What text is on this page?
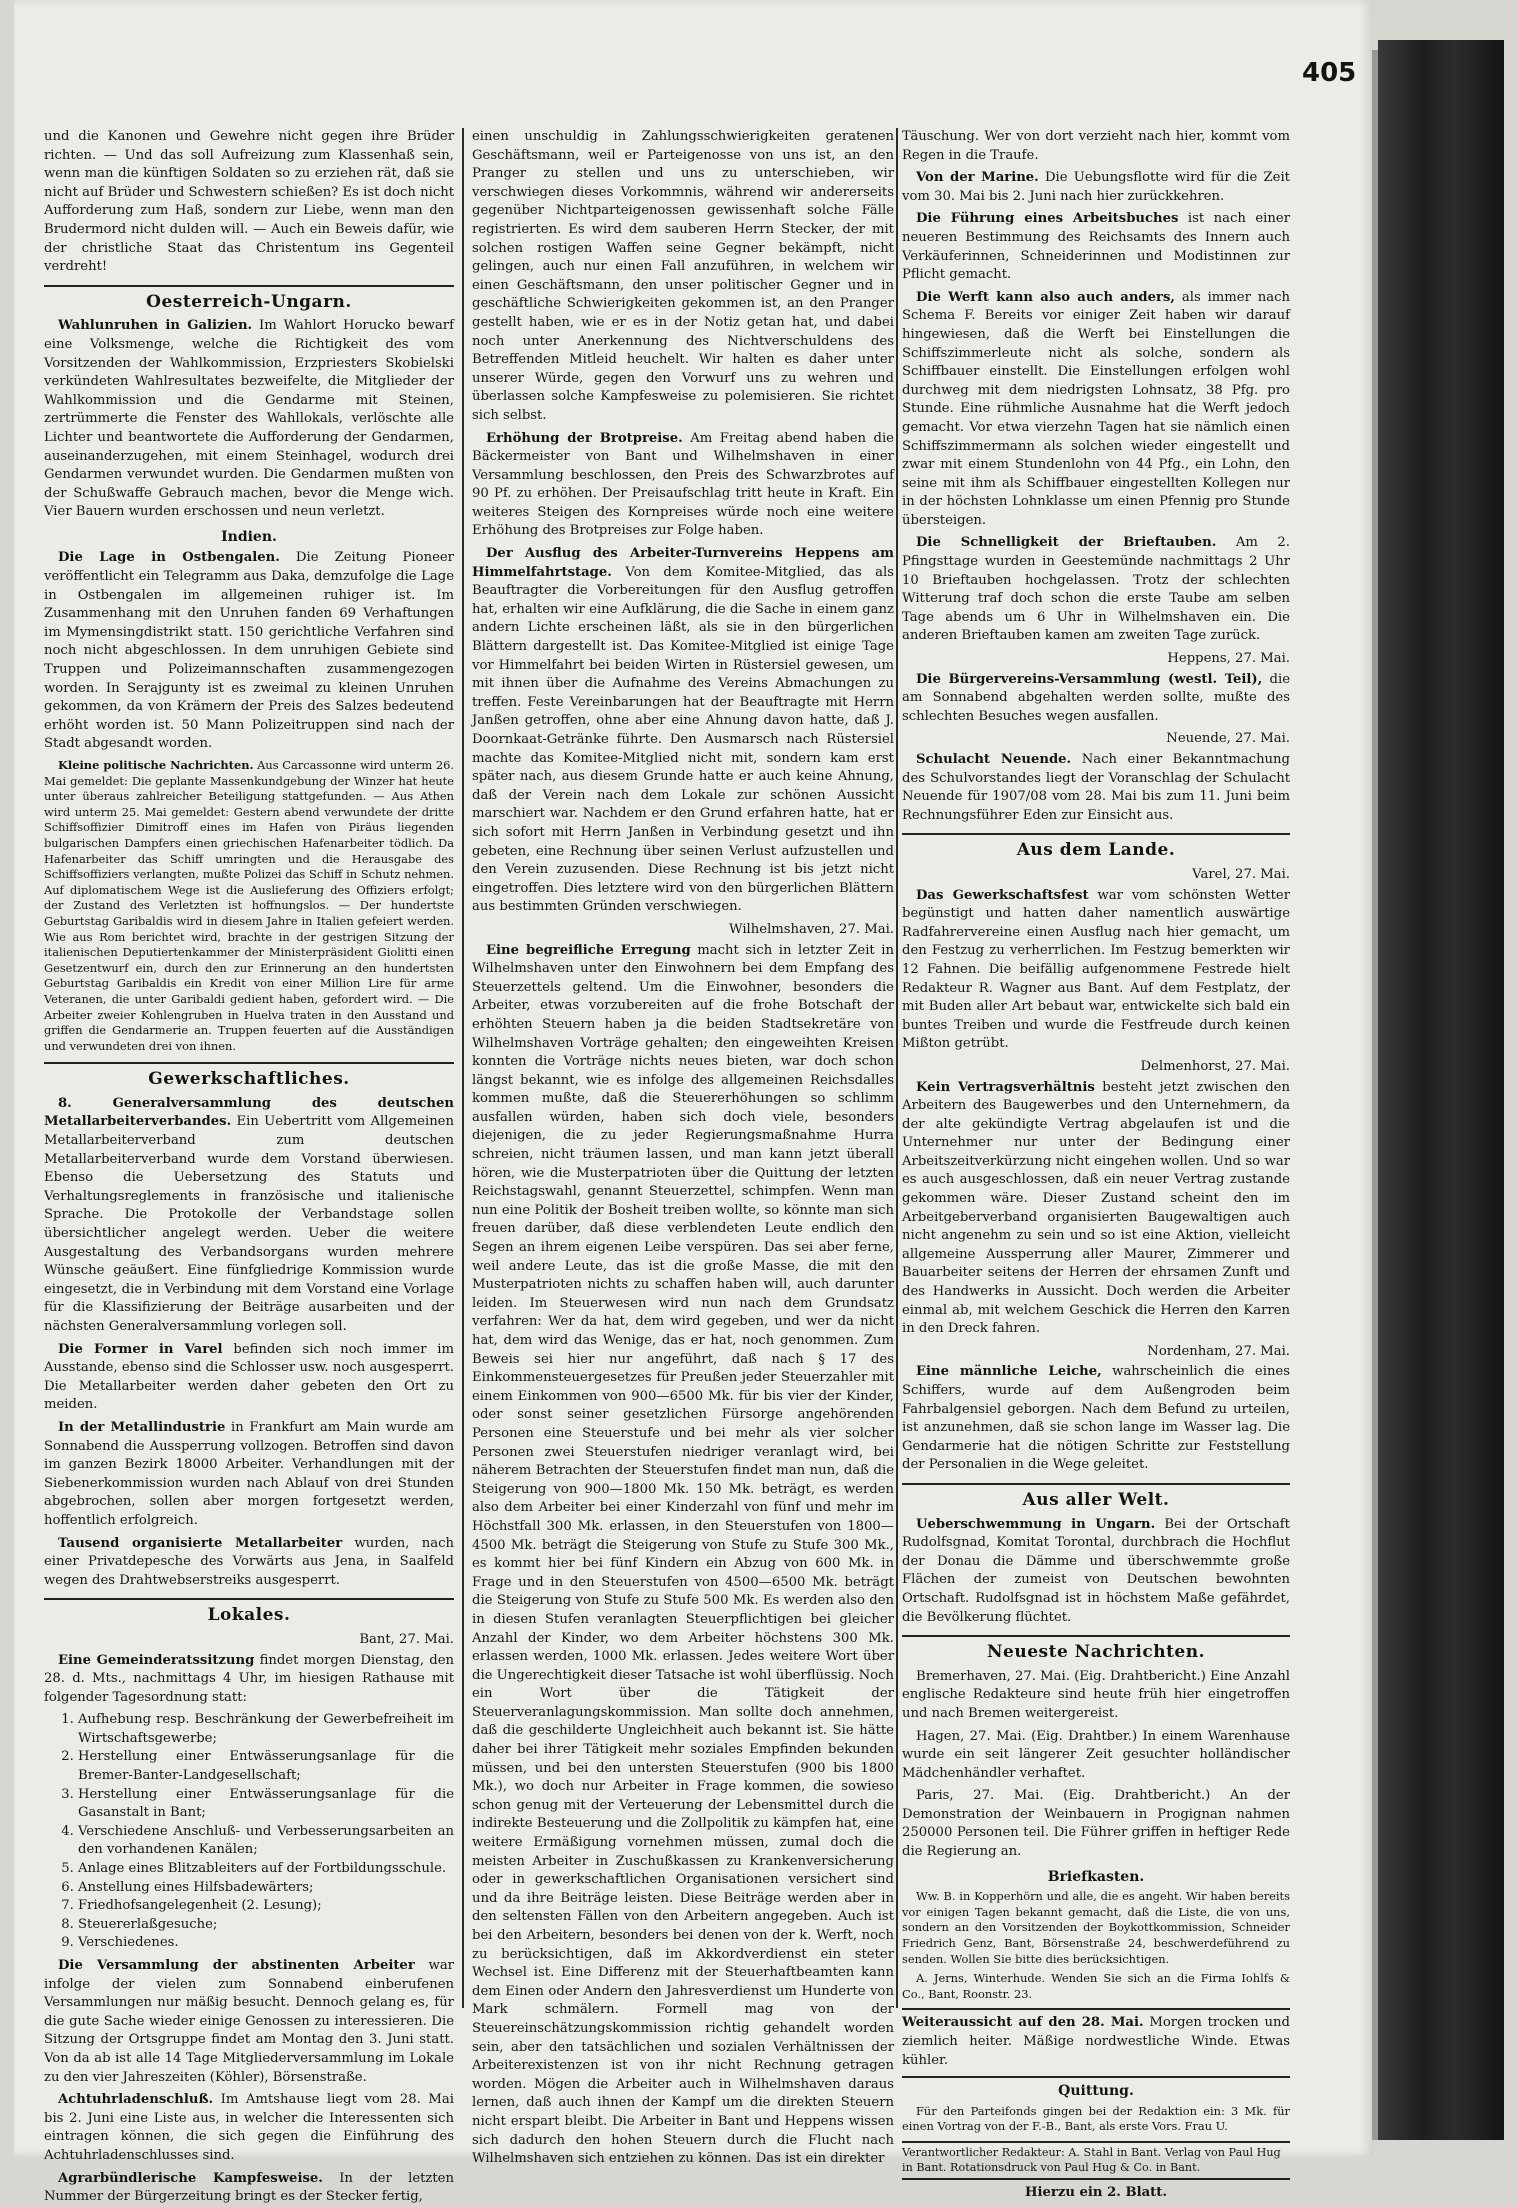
405

und die Kanonen und Gewehre nicht gegen ihre Brüder richten. — Und das soll Aufreizung zum Klassenhaß sein, wenn man die künftigen Soldaten so zu erziehen rät, daß sie nicht auf Brüder und Schwestern schießen? Es ist doch nicht Aufforderung zum Haß, sondern zur Liebe, wenn man den Brudermord nicht dulden will. — Auch ein Beweis dafür, wie der christliche Staat das Christentum ins Gegenteil verdreht!

Oesterreich-Ungarn.

Wahlunruhen in Galizien. Im Wahlort Horucko bewarf eine Volksmenge, welche die Richtigkeit des vom Vorsitzenden der Wahlkommission, Erzpriesters Skobielski verkündeten Wahlresultates bezweifelte, die Mitglieder der Wahlkommission und die Gendarme mit Steinen, zertrümmerte die Fenster des Wahllokals, verlöschte alle Lichter und beantwortete die Aufforderung der Gendarmen, auseinanderzugehen, mit einem Steinhagel, wodurch drei Gendarmen verwundet wurden. Die Gendarmen mußten von der Schußwaffe Gebrauch machen, bevor die Menge wich. Vier Bauern wurden erschossen und neun verletzt.

Indien.

Die Lage in Ostbengalen. Die Zeitung Pioneer veröffentlicht ein Telegramm aus Daka, demzufolge die Lage in Ostbengalen im allgemeinen ruhiger ist. Im Zusammenhang mit den Unruhen fanden 69 Verhaftungen im Mymensingdistrikt statt. 150 gerichtliche Verfahren sind noch nicht abgeschlossen. In dem unruhigen Gebiete sind Truppen und Polizeimannschaften zusammengezogen worden. In Serajgunty ist es zweimal zu kleinen Unruhen gekommen, da von Krämern der Preis des Salzes bedeutend erhöht worden ist. 50 Mann Polizeitruppen sind nach der Stadt abgesandt worden.

Kleine politische Nachrichten. Aus Carcassonne wird unterm 26. Mai gemeldet: Die geplante Massenkundgebung der Winzer hat heute unter überaus zahlreicher Beteiligung stattgefunden. — Aus Athen wird unterm 25. Mai gemeldet: Gestern abend verwundete der dritte Schiffsoffizier Dimitroff eines im Hafen von Piräus liegenden bulgarischen Dampfers einen griechischen Hafenarbeiter tödlich. Da Hafenarbeiter das Schiff umringten und die Herausgabe des Schiffsoffiziers verlangten, mußte Polizei das Schiff in Schutz nehmen. Auf diplomatischem Wege ist die Auslieferung des Offiziers erfolgt; der Zustand des Verletzten ist hoffnungslos. — Der hundertste Geburtstag Garibaldis wird in diesem Jahre in Italien gefeiert werden. Wie aus Rom berichtet wird, brachte in der gestrigen Sitzung der italienischen Deputiertenkammer der Ministerpräsident Giolitti einen Gesetzentwurf ein, durch den zur Erinnerung an den hundertsten Geburtstag Garibaldis ein Kredit von einer Million Lire für arme Veteranen, die unter Garibaldi gedient haben, gefordert wird. — Die Arbeiter zweier Kohlengruben in Huelva traten in den Ausstand und griffen die Gendarmerie an. Truppen feuerten auf die Ausständigen und verwundeten drei von ihnen.

Gewerkschaftliches.

8. Generalversammlung des deutschen Metallarbeiterverbandes. Ein Uebertritt vom Allgemeinen Metallarbeiterverband zum deutschen Metallarbeiterverband wurde dem Vorstand überwiesen. Ebenso die Uebersetzung des Statuts und Verhaltungsreglements in französische und italienische Sprache. Die Protokolle der Verbandstage sollen übersichtlicher angelegt werden. Ueber die weitere Ausgestaltung des Verbandsorgans wurden mehrere Wünsche geäußert. Eine fünfgliedrige Kommission wurde eingesetzt, die in Verbindung mit dem Vorstand eine Vorlage für die Klassifizierung der Beiträge ausarbeiten und der nächsten Generalversammlung vorlegen soll.

Die Former in Varel befinden sich noch immer im Ausstande, ebenso sind die Schlosser usw. noch ausgesperrt. Die Metallarbeiter werden daher gebeten den Ort zu meiden.

In der Metallindustrie in Frankfurt am Main wurde am Sonnabend die Aussperrung vollzogen. Betroffen sind davon im ganzen Bezirk 18000 Arbeiter. Verhandlungen mit der Siebenerkommission wurden nach Ablauf von drei Stunden abgebrochen, sollen aber morgen fortgesetzt werden, hoffentlich erfolgreich.

Tausend organisierte Metallarbeiter wurden, nach einer Privatdepesche des Vorwärts aus Jena, in Saalfeld wegen des Drahtwebserstreiks ausgesperrt.

Lokales.
Bant, 27. Mai.

Eine Gemeinderatssitzung findet morgen Dienstag, den 28. d. Mts., nachmittags 4 Uhr, im hiesigen Rathause mit folgender Tagesordnung statt:

1. Aufhebung resp. Beschränkung der Gewerbefreiheit im Wirtschaftsgewerbe;
2. Herstellung einer Entwässerungsanlage für die Bremer-Banter-Landgesellschaft;
3. Herstellung einer Entwässerungsanlage für die Gasanstalt in Bant;
4. Verschiedene Anschluß- und Verbesserungsarbeiten an den vorhandenen Kanälen;
5. Anlage eines Blitzableiters auf der Fortbildungsschule.
6. Anstellung eines Hilfsbadewärters;
7. Friedhofsangelegenheit (2. Lesung);
8. Steuererlaßgesuche;
9. Verschiedenes.

Die Versammlung der abstinenten Arbeiter war infolge der vielen zum Sonnabend einberufenen Versammlungen nur mäßig besucht. Dennoch gelang es, für die gute Sache wieder einige Genossen zu interessieren. Die Sitzung der Ortsgruppe findet am Montag den 3. Juni statt. Von da ab ist alle 14 Tage Mitgliederversammlung im Lokale zu den vier Jahreszeiten (Köhler), Börsenstraße.

Achtuhrladenschluß. Im Amtshause liegt vom 28. Mai bis 2. Juni eine Liste aus, in welcher die Interessenten sich eintragen können, die sich gegen die Einführung des Achtuhrladenschlusses sind.

Agrarbündlerische Kampfesweise. In der letzten Nummer der Bürgerzeitung bringt es der Stecker fertig,

einen unschuldig in Zahlungsschwierigkeiten geratenen Geschäftsmann, weil er Parteigenosse von uns ist, an den Pranger zu stellen und uns zu unterschieben, wir verschwiegen dieses Vorkommnis, während wir andererseits gegenüber Nichtparteigenossen gewissenhaft solche Fälle registrierten. Es wird dem sauberen Herrn Stecker, der mit solchen rostigen Waffen seine Gegner bekämpft, nicht gelingen, auch nur einen Fall anzuführen, in welchem wir einen Geschäftsmann, den unser politischer Gegner und in geschäftliche Schwierigkeiten gekommen ist, an den Pranger gestellt haben, wie er es in der Notiz getan hat, und dabei noch unter Anerkennung des Nichtverschuldens des Betreffenden Mitleid heuchelt. Wir halten es daher unter unserer Würde, gegen den Vorwurf uns zu wehren und überlassen solche Kampfesweise zu polemisieren. Sie richtet sich selbst.

Erhöhung der Brotpreise. Am Freitag abend haben die Bäckermeister von Bant und Wilhelmshaven in einer Versammlung beschlossen, den Preis des Schwarzbrotes auf 90 Pf. zu erhöhen. Der Preisaufschlag tritt heute in Kraft. Ein weiteres Steigen des Kornpreises würde noch eine weitere Erhöhung des Brotpreises zur Folge haben.

Der Ausflug des Arbeiter-Turnvereins Heppens am Himmelfahrtstage. Von dem Komitee-Mitglied, das als Beauftragter die Vorbereitungen für den Ausflug getroffen hat, erhalten wir eine Aufklärung, die die Sache in einem ganz andern Lichte erscheinen läßt, als sie in den bürgerlichen Blättern dargestellt ist. Das Komitee-Mitglied ist einige Tage vor Himmelfahrt bei beiden Wirten in Rüstersiel gewesen, um mit ihnen über die Aufnahme des Vereins Abmachungen zu treffen. Feste Vereinbarungen hat der Beauftragte mit Herrn Janßen getroffen, ohne aber eine Ahnung davon hatte, daß J. Doornkaat-Getränke führte. Den Ausmarsch nach Rüstersiel machte das Komitee-Mitglied nicht mit, sondern kam erst später nach, aus diesem Grunde hatte er auch keine Ahnung, daß der Verein nach dem Lokale zur schönen Aussicht marschiert war. Nachdem er den Grund erfahren hatte, hat er sich sofort mit Herrn Janßen in Verbindung gesetzt und ihn gebeten, eine Rechnung über seinen Verlust aufzustellen und den Verein zuzusenden. Diese Rechnung ist bis jetzt nicht eingetroffen. Dies letztere wird von den bürgerlichen Blättern aus bestimmten Gründen verschwiegen.

Wilhelmshaven, 27. Mai.

Eine begreifliche Erregung macht sich in letzter Zeit in Wilhelmshaven unter den Einwohnern bei dem Empfang des Steuerzettels geltend. Um die Einwohner, besonders die Arbeiter, etwas vorzubereiten auf die frohe Botschaft der erhöhten Steuern haben ja die beiden Stadtsekretäre von Wilhelmshaven Vorträge gehalten; den eingeweihten Kreisen konnten die Vorträge nichts neues bieten, war doch schon längst bekannt, wie es infolge des allgemeinen Reichsdalles kommen mußte, daß die Steuererhöhungen so schlimm ausfallen würden, haben sich doch viele, besonders diejenigen, die zu jeder Regierungsmaßnahme Hurra schreien, nicht träumen lassen, und man kann jetzt überall hören, wie die Musterpatrioten über die Quittung der letzten Reichstagswahl, genannt Steuerzettel, schimpfen. Wenn man nun eine Politik der Bosheit treiben wollte, so könnte man sich freuen darüber, daß diese verblendeten Leute endlich den Segen an ihrem eigenen Leibe verspüren. Das sei aber ferne, weil andere Leute, das ist die große Masse, die mit den Musterpatrioten nichts zu schaffen haben will, auch darunter leiden. Im Steuerwesen wird nun nach dem Grundsatz verfahren: Wer da hat, dem wird gegeben, und wer da nicht hat, dem wird das Wenige, das er hat, noch genommen. Zum Beweis sei hier nur angeführt, daß nach § 17 des Einkommensteuergesetzes für Preußen jeder Steuerzahler mit einem Einkommen von 900—6500 Mk. für bis vier der Kinder, oder sonst seiner gesetzlichen Fürsorge angehörenden Personen eine Steuerstufe und bei mehr als vier solcher Personen zwei Steuerstufen niedriger veranlagt wird, bei näherem Betrachten der Steuerstufen findet man nun, daß die Steigerung von 900—1800 Mk. 150 Mk. beträgt, es werden also dem Arbeiter bei einer Kinderzahl von fünf und mehr im Höchstfall 300 Mk. erlassen, in den Steuerstufen von 1800—4500 Mk. beträgt die Steigerung von Stufe zu Stufe 300 Mk., es kommt hier bei fünf Kindern ein Abzug von 600 Mk. in Frage und in den Steuerstufen von 4500—6500 Mk. beträgt die Steigerung von Stufe zu Stufe 500 Mk. Es werden also den in diesen Stufen veranlagten Steuerpflichtigen bei gleicher Anzahl der Kinder, wo dem Arbeiter höchstens 300 Mk. erlassen werden, 1000 Mk. erlassen. Jedes weitere Wort über die Ungerechtigkeit dieser Tatsache ist wohl überflüssig. Noch ein Wort über die Tätigkeit der Steuerveranlagungskommission. Man sollte doch annehmen, daß die geschilderte Ungleichheit auch bekannt ist. Sie hätte daher bei ihrer Tätigkeit mehr soziales Empfinden bekunden müssen, und bei den untersten Steuerstufen (900 bis 1800 Mk.), wo doch nur Arbeiter in Frage kommen, die sowieso schon genug mit der Verteuerung der Lebensmittel durch die indirekte Besteuerung und die Zollpolitik zu kämpfen hat, eine weitere Ermäßigung vornehmen müssen, zumal doch die meisten Arbeiter in Zuschußkassen zu Krankenversicherung oder in gewerkschaftlichen Organisationen versichert sind und da ihre Beiträge leisten. Diese Beiträge werden aber in den seltensten Fällen von den Arbeitern angegeben. Auch ist bei den Arbeitern, besonders bei denen von der k. Werft, noch zu berücksichtigen, daß im Akkordverdienst ein steter Wechsel ist. Eine Differenz mit der Steuerhaftbeamten kann dem Einen oder Andern den Jahresverdienst um Hunderte von Mark schmälern. Formell mag von der Steuereinschätzungskommission richtig gehandelt worden sein, aber den tatsächlichen und sozialen Verhältnissen der Arbeiterexistenzen ist von ihr nicht Rechnung getragen worden. Mögen die Arbeiter auch in Wilhelmshaven daraus lernen, daß auch ihnen der Kampf um die direkten Steuern nicht erspart bleibt. Die Arbeiter in Bant und Heppens wissen sich dadurch den hohen Steuern durch die Flucht nach Wilhelmshaven sich entziehen zu können. Das ist ein direkter

Täuschung. Wer von dort verzieht nach hier, kommt vom Regen in die Traufe.

Von der Marine. Die Uebungsflotte wird für die Zeit vom 30. Mai bis 2. Juni nach hier zurückkehren.

Die Führung eines Arbeitsbuches ist nach einer neueren Bestimmung des Reichsamts des Innern auch Verkäuferinnen, Schneiderinnen und Modistinnen zur Pflicht gemacht.

Die Werft kann also auch anders, als immer nach Schema F. Bereits vor einiger Zeit haben wir darauf hingewiesen, daß die Werft bei Einstellungen die Schiffszimmerleute nicht als solche, sondern als Schiffbauer einstellt. Die Einstellungen erfolgen wohl durchweg mit dem niedrigsten Lohnsatz, 38 Pfg. pro Stunde. Eine rühmliche Ausnahme hat die Werft jedoch gemacht. Vor etwa vierzehn Tagen hat sie nämlich einen Schiffszimmermann als solchen wieder eingestellt und zwar mit einem Stundenlohn von 44 Pfg., ein Lohn, den seine mit ihm als Schiffbauer eingestellten Kollegen nur in der höchsten Lohnklasse um einen Pfennig pro Stunde übersteigen.

Die Schnelligkeit der Brieftauben. Am 2. Pfingsttage wurden in Geestemünde nachmittags 2 Uhr 10 Brieftauben hochgelassen. Trotz der schlechten Witterung traf doch schon die erste Taube am selben Tage abends um 6 Uhr in Wilhelmshaven ein. Die anderen Brieftauben kamen am zweiten Tage zurück.

Heppens, 27. Mai.

Die Bürgervereins-Versammlung (westl. Teil), die am Sonnabend abgehalten werden sollte, mußte des schlechten Besuches wegen ausfallen.

Neuende, 27. Mai.

Schulacht Neuende. Nach einer Bekanntmachung des Schulvorstandes liegt der Voranschlag der Schulacht Neuende für 1907/08 vom 28. Mai bis zum 11. Juni beim Rechnungsführer Eden zur Einsicht aus.

Aus dem Lande.
Varel, 27. Mai.

Das Gewerkschaftsfest war vom schönsten Wetter begünstigt und hatten daher namentlich auswärtige Radfahrervereine einen Ausflug nach hier gemacht, um den Festzug zu verherrlichen. Im Festzug bemerkten wir 12 Fahnen. Die beifällig aufgenommene Festrede hielt Redakteur R. Wagner aus Bant. Auf dem Festplatz, der mit Buden aller Art bebaut war, entwickelte sich bald ein buntes Treiben und wurde die Festfreude durch keinen Mißton getrübt.

Delmenhorst, 27. Mai.

Kein Vertragsverhältnis besteht jetzt zwischen den Arbeitern des Baugewerbes und den Unternehmern, da der alte gekündigte Vertrag abgelaufen ist und die Unternehmer nur unter der Bedingung einer Arbeitszeitverkürzung nicht eingehen wollen. Und so war es auch ausgeschlossen, daß ein neuer Vertrag zustande gekommen wäre. Dieser Zustand scheint den im Arbeitgeberverband organisierten Baugewaltigen auch nicht angenehm zu sein und so ist eine Aktion, vielleicht allgemeine Aussperrung aller Maurer, Zimmerer und Bauarbeiter seitens der Herren der ehrsamen Zunft und des Handwerks in Aussicht. Doch werden die Arbeiter einmal ab, mit welchem Geschick die Herren den Karren in den Dreck fahren.

Nordenham, 27. Mai.

Eine männliche Leiche, wahrscheinlich die eines Schiffers, wurde auf dem Außengroden beim Fahrbalgensiel geborgen. Nach dem Befund zu urteilen, ist anzunehmen, daß sie schon lange im Wasser lag. Die Gendarmerie hat die nötigen Schritte zur Feststellung der Personalien in die Wege geleitet.

Aus aller Welt.

Ueberschwemmung in Ungarn. Bei der Ortschaft Rudolfsgnad, Komitat Torontal, durchbrach die Hochflut der Donau die Dämme und überschwemmte große Flächen der zumeist von Deutschen bewohnten Ortschaft. Rudolfsgnad ist in höchstem Maße gefährdet, die Bevölkerung flüchtet.

Neueste Nachrichten.

Bremerhaven, 27. Mai. (Eig. Drahtbericht.) Eine Anzahl englische Redakteure sind heute früh hier eingetroffen und nach Bremen weitergereist.

Hagen, 27. Mai. (Eig. Drahtber.) In einem Warenhause wurde ein seit längerer Zeit gesuchter holländischer Mädchenhändler verhaftet.

Paris, 27. Mai. (Eig. Drahtbericht.) An der Demonstration der Weinbauern in Progignan nahmen 250000 Personen teil. Die Führer griffen in heftiger Rede die Regierung an.

Briefkasten.

Ww. B. in Kopperhörn und alle, die es angeht. Wir haben bereits vor einigen Tagen bekannt gemacht, daß die Liste, die von uns, sondern an den Vorsitzenden der Boykottkommission, Schneider Friedrich Genz, Bant, Börsenstraße 24, beschwerdeführend zu senden. Wollen Sie bitte dies berücksichtigen.

A. Jerns, Winterhude. Wenden Sie sich an die Firma Iohlfs & Co., Bant, Roonstr. 23.

Weiteraussicht auf den 28. Mai. Morgen trocken und ziemlich heiter. Mäßige nordwestliche Winde. Etwas kühler.

Quittung.

Für den Parteifonds gingen bei der Redaktion ein: 3 Mk. für einen Vortrag von der F.-B., Bant, als erste Vors. Frau U.

Verantwortlicher Redakteur: A. Stahl in Bant. Verlag von Paul Hug in Bant. Rotationsdruck von Paul Hug & Co. in Bant.
Hierzu ein 2. Blatt.
